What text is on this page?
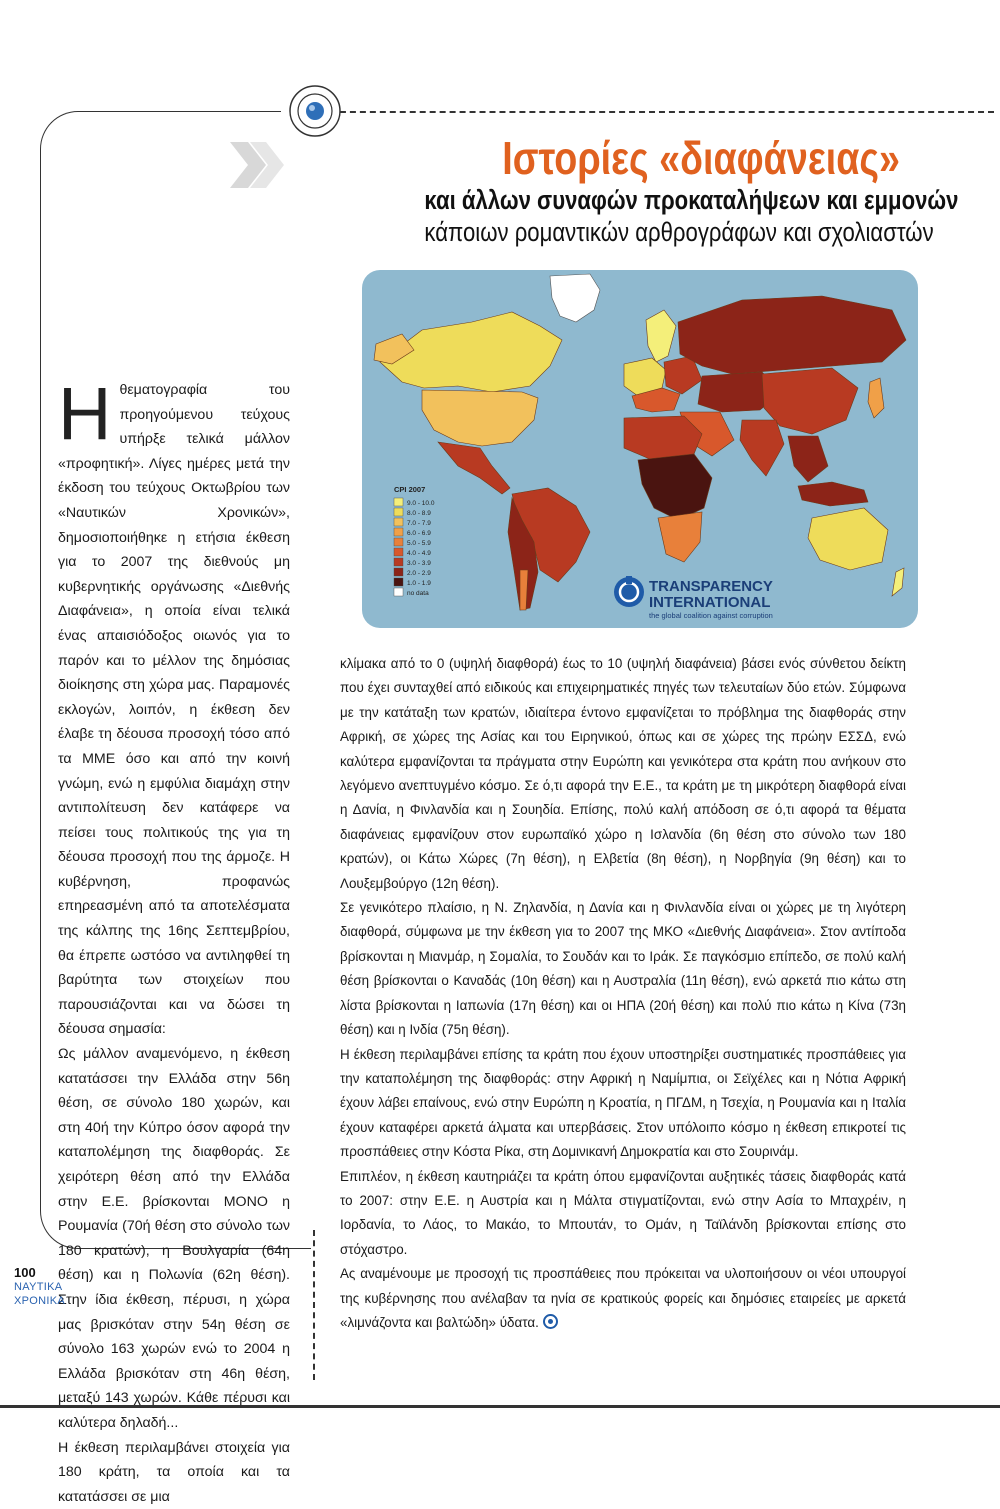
Ιστορίες «διαφάνειας»
και άλλων συναφών προκαταλήψεων και εμμονών
κάποιων ρομαντικών αρθρογράφων και σχολιαστών
CPI 2007
9.0 - 10.0
8.0 - 8.9
7.0 - 7.9
6.0 - 6.9
5.0 - 5.9
4.0 - 4.9
3.0 - 3.9
2.0 - 2.9
1.0 - 1.9
no data	TRANSPARENCY
INTERNATIONAL
the global coalition against corruption
Η θεματογραφία του προηγούμενου τεύχους υπήρξε τελικά μάλλον «προφητική». Λίγες ημέρες μετά την έκδοση του τεύχους Οκτωβρίου των «Ναυτικών Χρονικών», δημοσιοποιήθηκε η ετήσια έκθεση για το 2007 της διεθνούς μη κυβερνητικής οργάνωσης «Διεθνής Διαφάνεια», η οποία είναι τελικά ένας απαισιόδοξος οιωνός για το παρόν και το μέλλον της δημόσιας διοίκησης στη χώρα μας. Παραμονές εκλογών, λοιπόν, η έκθεση δεν έλαβε τη δέουσα προσοχή τόσο από τα ΜΜΕ όσο και από την κοινή γνώμη, ενώ η εμφύλια διαμάχη στην αντιπολίτευση δεν κατάφερε να πείσει τους πολιτικούς της για τη δέουσα προσοχή που της άρμοζε. Η κυβέρνηση, προφανώς επηρεασμένη από τα αποτελέσματα της κάλπης της 16ης Σεπτεμβρίου, θα έπρεπε ωστόσο να αντιληφθεί τη βαρύτητα των στοιχείων που παρουσιάζονται και να δώσει τη δέουσα σημασία:

Ως μάλλον αναμενόμενο, η έκθεση κατατάσσει την Ελλάδα στην 56η θέση, σε σύνολο 180 χωρών, και στη 40ή την Κύπρο όσον αφορά την καταπολέμηση της διαφθοράς. Σε χειρότερη θέση από την Ελλάδα στην Ε.Ε. βρίσκονται ΜΟΝΟ η Ρουμανία (70ή θέση στο σύνολο των 180 κρατών), η Βουλγαρία (64η θέση) και η Πολωνία (62η θέση). Στην ίδια έκθεση, πέρυσι, η χώρα μας βρισκόταν στην 54η θέση σε σύνολο 163 χωρών ενώ το 2004 η Ελλάδα βρισκόταν στη 46η θέση, μεταξύ 143 χωρών. Κάθε πέρυσι και καλύτερα δηλαδή...

Η έκθεση περιλαμβάνει στοιχεία για 180 κράτη, τα οποία και τα κατατάσσει σε μια

κλίμακα από το 0 (υψηλή διαφθορά) έως το 10 (υψηλή διαφάνεια) βάσει ενός σύνθετου δείκτη που έχει συνταχθεί από ειδικούς και επιχειρηματικές πηγές των τελευταίων δύο ετών. Σύμφωνα με την κατάταξη των κρατών, ιδιαίτερα έντονο εμφανίζεται το πρόβλημα της διαφθοράς στην Αφρική, σε χώρες της Ασίας και του Ειρηνικού, όπως και σε χώρες της πρώην ΕΣΣΔ, ενώ καλύτερα εμφανίζονται τα πράγματα στην Ευρώπη και γενικότερα στα κράτη που ανήκουν στο λεγόμενο ανεπτυγμένο κόσμο. Σε ό,τι αφορά την Ε.Ε., τα κράτη με τη μικρότερη διαφθορά είναι η Δανία, η Φινλανδία και η Σουηδία. Επίσης, πολύ καλή απόδοση σε ό,τι αφορά τα θέματα διαφάνειας εμφανίζουν στον ευρωπαϊκό χώρο η Ισλανδία (6η θέση στο σύνολο των 180 κρατών), οι Κάτω Χώρες (7η θέση), η Ελβετία (8η θέση), η Νορβηγία (9η θέση) και το Λουξεμβούργο (12η θέση).

Σε γενικότερο πλαίσιο, η Ν. Ζηλανδία, η Δανία και η Φινλανδία είναι οι χώρες με τη λιγότερη διαφθορά, σύμφωνα με την έκθεση για το 2007 της ΜΚΟ «Διεθνής Διαφάνεια». Στον αντίποδα βρίσκονται η Μιανμάρ, η Σομαλία, το Σουδάν και το Ιράκ. Σε παγκόσμιο επίπεδο, σε πολύ καλή θέση βρίσκονται ο Καναδάς (10η θέση) και η Αυστραλία (11η θέση), ενώ αρκετά πιο κάτω στη λίστα βρίσκονται η Ιαπωνία (17η θέση) και οι ΗΠΑ (20ή θέση) και πολύ πιο κάτω η Κίνα (73η θέση) και η Ινδία (75η θέση).

Η έκθεση περιλαμβάνει επίσης τα κράτη που έχουν υποστηρίξει συστηματικές προσπάθειες για την καταπολέμηση της διαφθοράς: στην Αφρική η Ναμίμπια, οι Σεϊχέλες και η Νότια Αφρική έχουν λάβει επαίνους, ενώ στην Ευρώπη η Κροατία, η ΠΓΔΜ, η Τσεχία, η Ρουμανία και η Ιταλία έχουν καταφέρει αρκετά άλματα και υπερβάσεις. Στον υπόλοιπο κόσμο η έκθεση επικροτεί τις προσπάθειες στην Κόστα Ρίκα, στη Δομινικανή Δημοκρατία και στο Σουρινάμ.

Επιπλέον, η έκθεση καυτηριάζει τα κράτη όπου εμφανίζονται αυξητικές τάσεις διαφθοράς κατά το 2007: στην Ε.Ε. η Αυστρία και η Μάλτα στιγματίζονται, ενώ στην Ασία το Μπαχρέιν, η Ιορδανία, το Λάος, το Μακάο, το Μπουτάν, το Ομάν, η Ταϊλάνδη βρίσκονται επίσης στο στόχαστρο.

Ας αναμένουμε με προσοχή τις προσπάθειες που πρόκειται να υλοποιήσουν οι νέοι υπουργοί της κυβέρνησης που ανέλαβαν τα ηνία σε κρατικούς φορείς και δημόσιες εταιρείες με αρκετά «λιμνάζοντα και βαλτώδη» ύδατα.

100
ΝΑΥΤΙΚΑ
ΧΡΟΝΙΚΑ
